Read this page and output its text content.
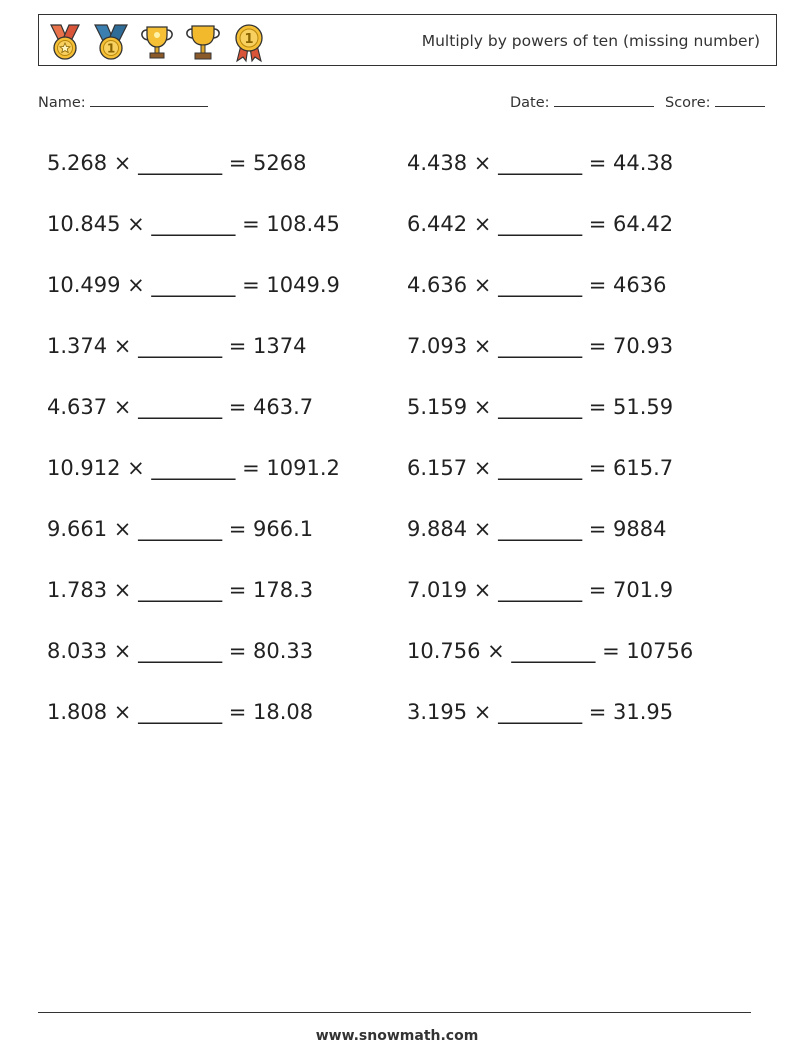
1
1	Multiply by powers of ten (missing number)
Name:	Date:	Score:
5.268 × ________ = 5268
10.845 × ________ = 108.45
10.499 × ________ = 1049.9
1.374 × ________ = 1374
4.637 × ________ = 463.7
10.912 × ________ = 1091.2
9.661 × ________ = 966.1
1.783 × ________ = 178.3
8.033 × ________ = 80.33
1.808 × ________ = 18.08
4.438 × ________ = 44.38
6.442 × ________ = 64.42
4.636 × ________ = 4636
7.093 × ________ = 70.93
5.159 × ________ = 51.59
6.157 × ________ = 615.7
9.884 × ________ = 9884
7.019 × ________ = 701.9
10.756 × ________ = 10756
3.195 × ________ = 31.95
www.snowmath.com
